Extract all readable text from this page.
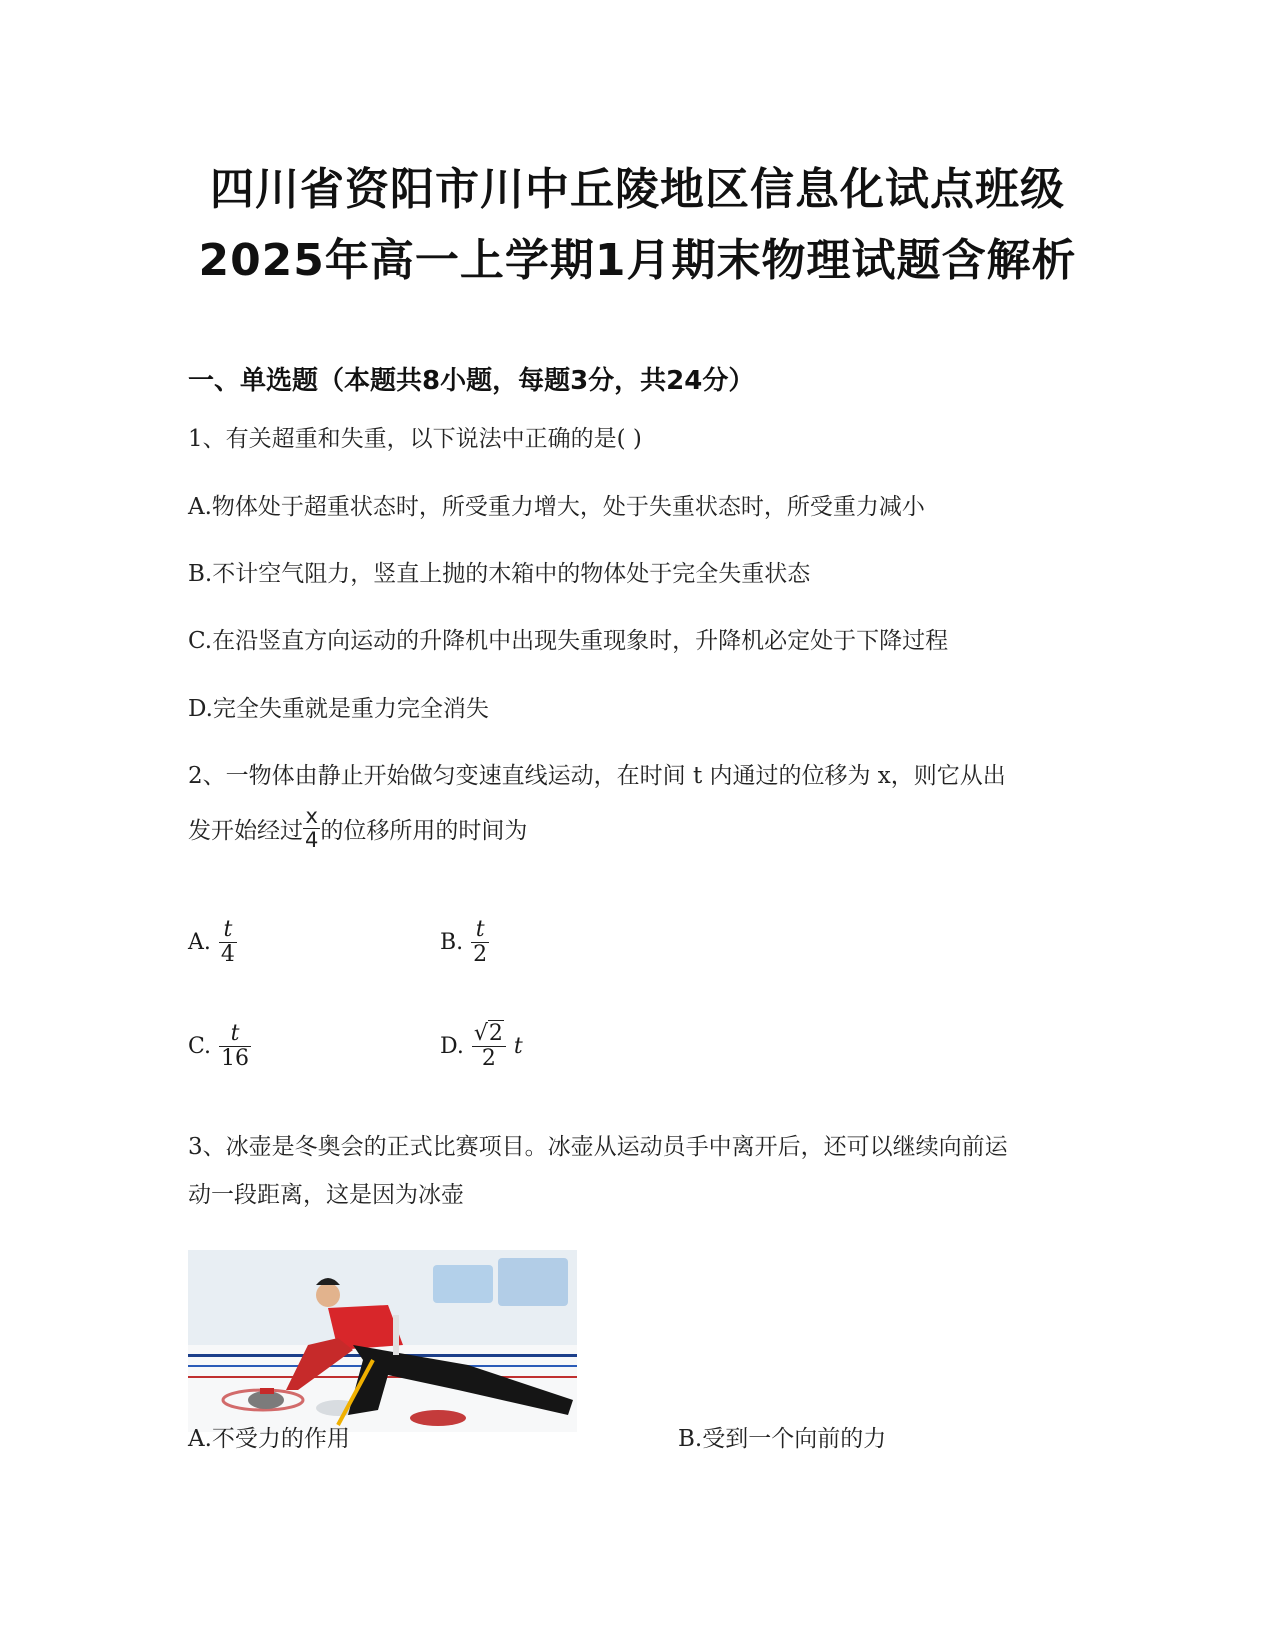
四川省资阳市川中丘陵地区信息化试点班级
2025年高一上学期1月期末物理试题含解析
一、单选题（本题共8小题，每题3分，共24分）
1、有关超重和失重，以下说法中正确的是( )
A.物体处于超重状态时，所受重力增大，处于失重状态时，所受重力减小
B.不计空气阻力，竖直上抛的木箱中的物体处于完全失重状态
C.在沿竖直方向运动的升降机中出现失重现象时，升降机必定处于下降过程
D.完全失重就是重力完全消失
2、一物体由静止开始做匀变速直线运动，在时间 t 内通过的位移为 x，则它从出
发开始经过 $\frac{x}{4}$ 的位移所用的时间为
A. $\frac{t}{4}$	B. $\frac{t}{2}$
C. $\frac{t}{16}$	D. $\frac{√2}{2}$ t
3、冰壶是冬奥会的正式比赛项目。冰壶从运动员手中离开后，还可以继续向前运
动一段距离，这是因为冰壶
A.不受力的作用	B.受到一个向前的力
